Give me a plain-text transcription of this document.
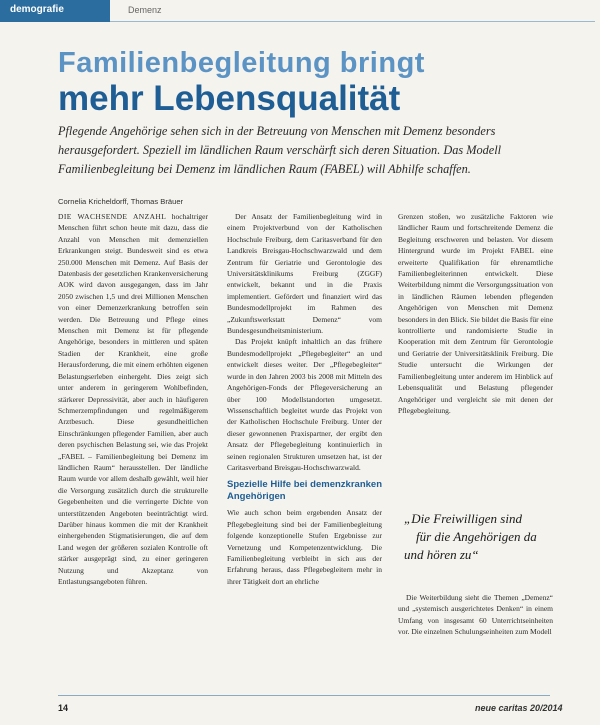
demografie	Demenz
Familienbegleitung bringt
mehr Lebensqualität

Pflegende Angehörige sehen sich in der Betreuung von Menschen mit Demenz besonders

herausgefordert. Speziell im ländlichen Raum verschärft sich deren Situation. Das Modell

Familienbegleitung bei Demenz im ländlichen Raum (FABEL) will Abhilfe schaffen.

Cornelia Kricheldorff, Thomas Bräuer

DIE WACHSENDE ANZAHL hochaltriger Menschen führt schon heute mit dazu, dass die Anzahl von Menschen mit demenziellen Erkrankungen steigt. Bundesweit sind es etwa 250.000 Menschen mit Demenz. Auf Basis der Datenbasis der gesetzlichen Krankenversicherung AOK wird davon ausgegangen, dass im Jahr 2050 zwischen 1,5 und drei Millionen Menschen von einer Demenzerkrankung betroffen sein werden. Die Betreuung und Pflege eines Menschen mit Demenz ist für pflegende Angehörige, besonders in mittleren und späten Stadien der Krankheit, eine große Herausforderung, die mit einem erhöhten eigenen Belastungserleben einhergeht. Dies zeigt sich unter anderem in geringerem Wohlbefinden, stärkerer Depressivität, aber auch in häufigeren Schmerzempfindungen und regelmäßigerem Arztbesuch. Diese gesundheitlichen Einschränkungen pflegender Familien, aber auch deren psychischen Belastung sei, wie das Projekt „FABEL – Familienbegleitung bei Demenz im ländlichen Raum“ herausstellen. Der ländliche Raum wurde vor allem deshalb gewählt, weil hier die Versorgung zusätzlich durch die strukturelle Gegebenheiten und die verringerte Dichte von unterstützenden Angeboten beeinträchtigt wird. Darüber hinaus kommen die mit der Krankheit einhergehenden Stigmatisierungen, die auf dem Land wegen der größeren sozialen Kontrolle oft stärker ausgeprägt sind, zu einer geringeren Nutzung und Akzeptanz von Entlastungsangeboten führen.

Der Ansatz der Familienbegleitung wird in einem Projektverbund von der Katholischen Hochschule Freiburg, dem Caritasverband für den Landkreis Breisgau-Hochschwarzwald und dem Zentrum für Geriatrie und Gerontologie des Universitätsklinikums Freiburg (ZGGF) entwickelt, bekannt und in die Praxis implementiert. Gefördert und finanziert wird das Bundesmodellprojekt im Rahmen des „Zukunftswerkstatt Demenz“ vom Bundesgesundheitsministerium.

Das Projekt knüpft inhaltlich an das frühere Bundesmodellprojekt „Pflegebegleiter“ an und entwickelt dieses weiter. Der „Pflegebegleiter“ wurde in den Jahren 2003 bis 2008 mit Mitteln des Angehörigen-Fonds der Pflegeversicherung an über 100 Modellstandorten umgesetzt. Wissenschaftlich begleitet wurde das Projekt von der Katholischen Hochschule Freiburg. Unter der dieser gewonnenen Praxispartner, der ergibt den Ansatz der Pflegebegleitung kontinuierlich in seinen regionalen Strukturen umsetzen hat, ist der Caritasverband Breisgau-Hochschwarzwald.

Spezielle Hilfe bei demenzkranken Angehörigen

Wie auch schon beim ergebenden Ansatz der Pflegebegleitung sind bei der Familienbegleitung folgende konzeptionelle Stufen Ergebnisse zur Vernetzung und Kompetenzentwicklung. Die Familienbegleitung verbleibt in sich aus der Erfahrung heraus, dass Pflegebegleitern mehr in ihrer Tätigkeit dort an ehrliche

Grenzen stoßen, wo zusätzliche Faktoren wie ländlicher Raum und fortschreitende Demenz die Begleitung erschweren und belasten. Vor diesem Hintergrund wurde im Projekt FABEL eine erweiterte Qualifikation für ehrenamtliche Familienbegleiterinnen entwickelt. Diese Weiterbildung nimmt die Versorgungssituation von in ländlichen Räumen lebenden pflegenden Angehörigen von Menschen mit Demenz besonders in den Blick. Sie bildet die Basis für eine kontrollierte und randomisierte Studie in Kooperation mit dem Zentrum für Gerontologie und Geriatrie der Universitätsklinik Freiburg. Die Studie untersucht die Wirkungen der Familienbegleitung unter anderem im Hinblick auf Lebensqualität und Belastung pflegender Angehöriger und vergleicht sie mit denen der Pflegebegleitung.

„Die Freiwilligen sind

für die Angehörigen da

und hören zu“

Die Weiterbildung sieht die Themen „Demenz“ und „systemisch ausgerichtetes Denken“ in einem Umfang von insgesamt 60 Unterrichtseinheiten vor. Die einzelnen Schulungseinheiten zum Modell

14	neue caritas 20/2014
